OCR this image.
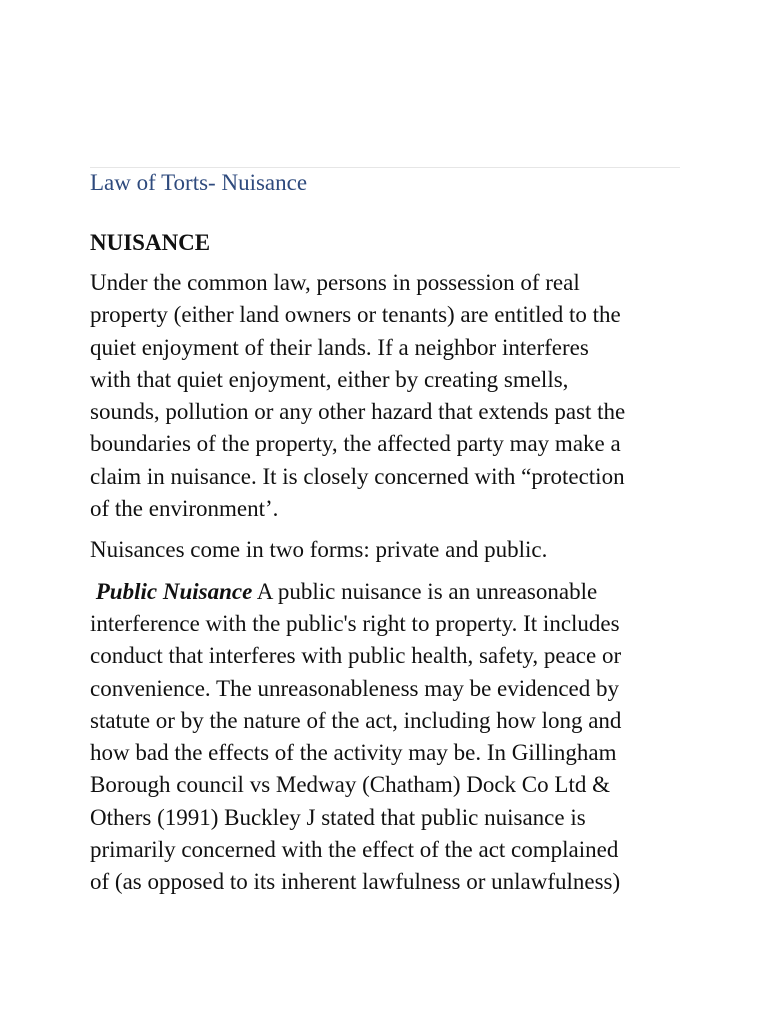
Law of Torts- Nuisance
NUISANCE
Under the common law, persons in possession of real
property (either land owners or tenants) are entitled to the
quiet enjoyment of their lands. If a neighbor interferes
with that quiet enjoyment, either by creating smells,
sounds, pollution or any other hazard that extends past the
boundaries of the property, the affected party may make a
claim in nuisance. It is closely concerned with “protection
of the environment’.
Nuisances come in two forms: private and public.
Public Nuisance A public nuisance is an unreasonable
interference with the public's right to property. It includes
conduct that interferes with public health, safety, peace or
convenience. The unreasonableness may be evidenced by
statute or by the nature of the act, including how long and
how bad the effects of the activity may be. In Gillingham
Borough council vs Medway (Chatham) Dock Co Ltd &
Others (1991) Buckley J stated that public nuisance is
primarily concerned with the effect of the act complained
of (as opposed to its inherent lawfulness or unlawfulness)
